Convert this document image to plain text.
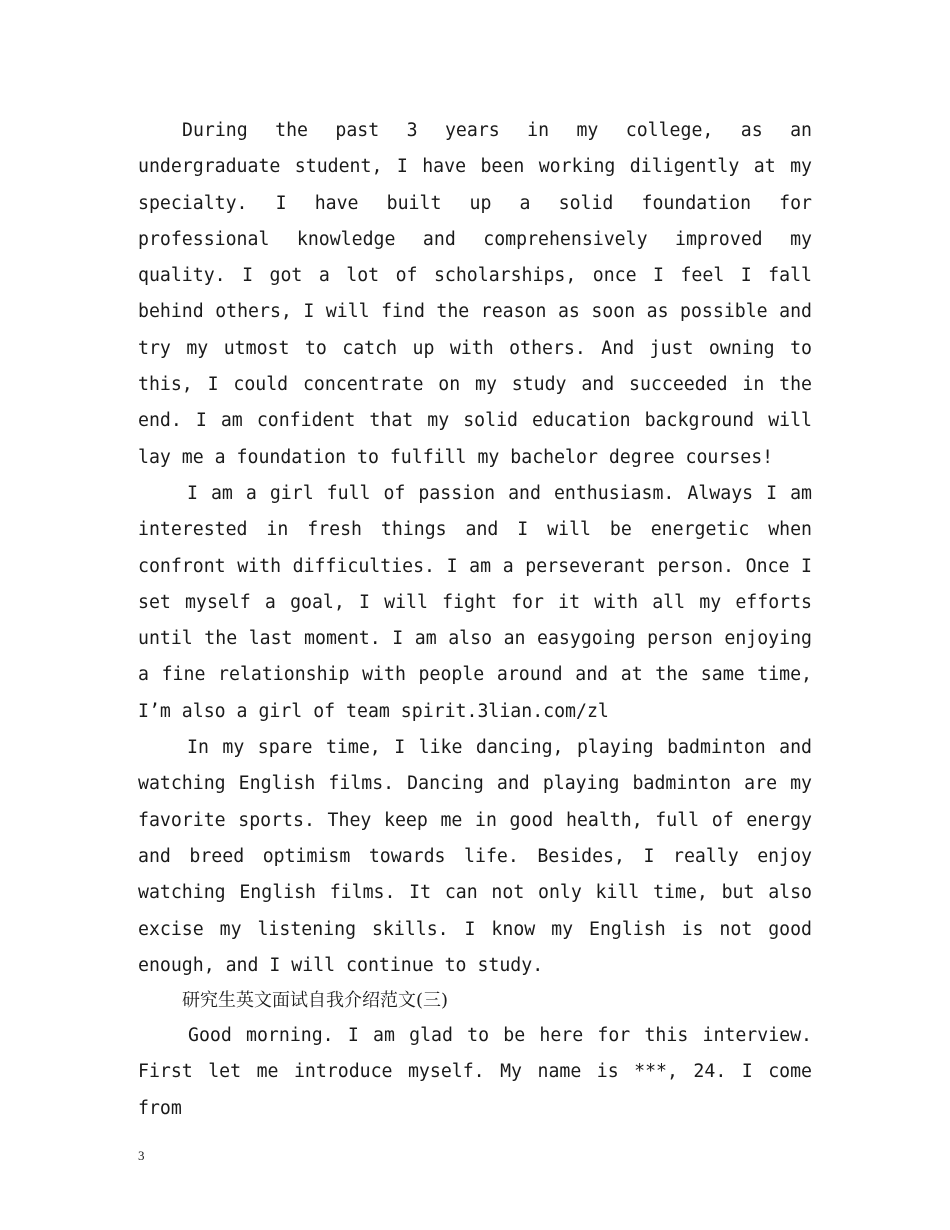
During the past 3 years in my college, as an undergraduate student, I have been working diligently at my specialty. I have built up a solid foundation for professional knowledge and comprehensively improved my quality. I got a lot of scholarships, once I feel I fall behind others, I will find the reason as soon as possible and try my utmost to catch up with others. And just owning to this, I could concentrate on my study and succeeded in the end. I am confident that my solid education background will lay me a foundation to fulfill my bachelor degree courses!

I am a girl full of passion and enthusiasm. Always I am interested in fresh things and I will be energetic when confront with difficulties. I am a perseverant person. Once I set myself a goal, I will fight for it with all my efforts until the last moment. I am also an easygoing person enjoying a fine relationship with people around and at the same time, I’m also a girl of team spirit.3lian.com/zl

In my spare time, I like dancing, playing badminton and watching English films. Dancing and playing badminton are my favorite sports. They keep me in good health, full of energy and breed optimism towards life. Besides, I really enjoy watching English films. It can not only kill time, but also excise my listening skills. I know my English is not good enough, and I will continue to study.

研究生英文面试自我介绍范文(三)

Good morning. I am glad to be here for this interview. First let me introduce myself. My name is ***, 24. I come from

3
